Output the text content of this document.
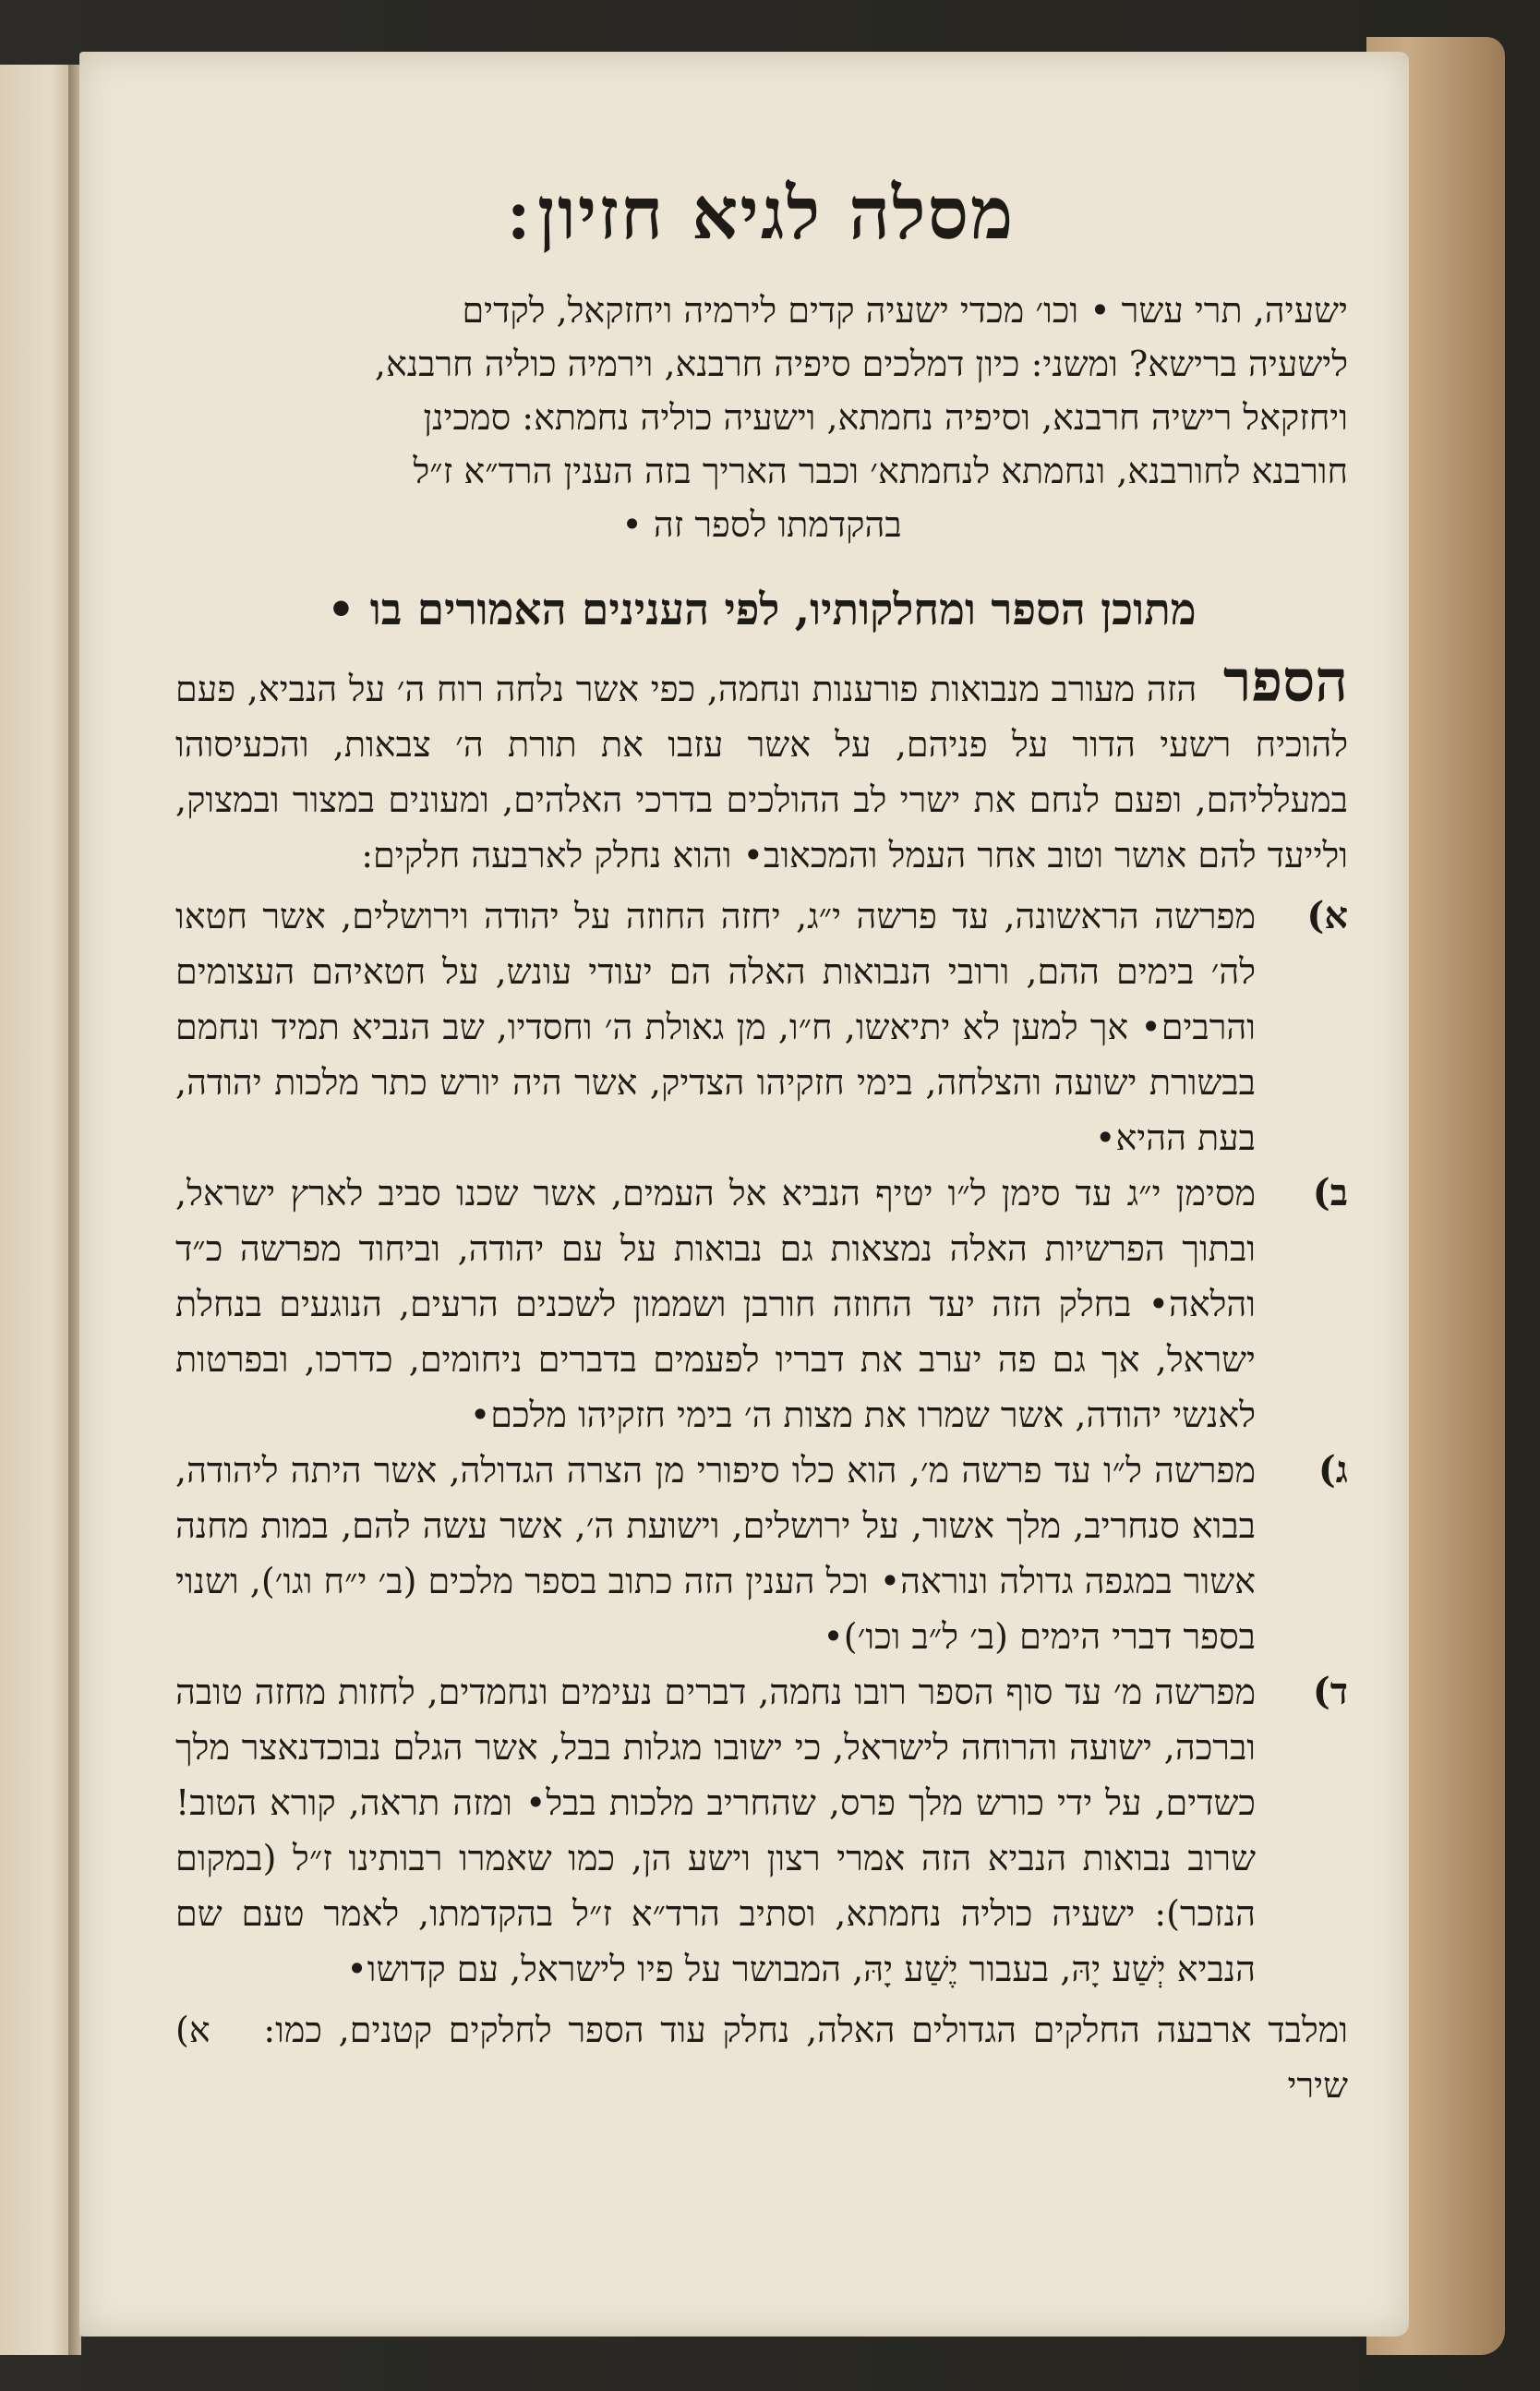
מסלה לגיא חזיון ׃

ישעיה, תרי עשר • וכו׳ מכדי ישעיה קדים לירמיה ויחזקאל, לקדים

לישעיה ברישא? ומשני: כיון דמלכים סיפיה חרבנא, וירמיה כוליה חרבנא,

ויחזקאל רישיה חרבנא, וסיפיה נחמתא, וישעיה כוליה נחמתא: סמכינן

חורבנא לחורבנא, ונחמתא לנחמתא׳ וכבר האריך בזה הענין הרד״א ז״ל

בהקדמתו לספר זה •

מתוכן הספר ומחלקותיו, לפי הענינים האמורים בו •

הספר הזה מעורב מנבואות פורענות ונחמה, כפי אשר נלחה רוח ה׳ על הנביא, פעם להוכיח רשעי הדור על פניהם, על אשר עזבו את תורת ה׳ צבאות, והכעיסוהו במעלליהם, ופעם לנחם את ישרי לב ההולכים בדרכי האלהים, ומעונים במצור ובמצוק, ולייעד להם אושר וטוב אחר העמל והמכאוב• והוא נחלק לארבעה חלקים:

א)
מפרשה הראשונה, עד פרשה י״ג, יחזה החוזה על יהודה וירושלים, אשר חטאו לה׳ בימים ההם, ורובי הנבואות האלה הם יעודי עונש, על חטאיהם העצומים והרבים• אך למען לא יתיאשו, ח״ו, מן גאולת ה׳ וחסדיו, שב הנביא תמיד ונחמם בבשורת ישועה והצלחה, בימי חזקיהו הצדיק, אשר היה יורש כתר מלכות יהודה, בעת ההיא•

ב)
מסימן י״ג עד סימן ל״ו יטיף הנביא אל העמים, אשר שכנו סביב לארץ ישראל, ובתוך הפרשיות האלה נמצאות גם נבואות על עם יהודה, וביחוד מפרשה כ״ד והלאה• בחלק הזה יעד החוזה חורבן ושממון לשכנים הרעים, הנוגעים בנחלת ישראל, אך גם פה יערב את דבריו לפעמים בדברים ניחומים, כדרכו, ובפרטות לאנשי יהודה, אשר שמרו את מצות ה׳ בימי חזקיהו מלכם•

ג)
מפרשה ל״ו עד פרשה מ׳, הוא כלו סיפורי מן הצרה הגדולה, אשר היתה ליהודה, בבוא סנחריב, מלך אשור, על ירושלים, וישועת ה׳, אשר עשה להם, במות מחנה אשור במגפה גדולה ונוראה• וכל הענין הזה כתוב בספר מלכים (ב׳ י״ח וגו׳), ושנוי בספר דברי הימים (ב׳ ל״ב וכו׳)•

ד)
מפרשה מ׳ עד סוף הספר רובו נחמה, דברים נעימים ונחמדים, לחזות מחזה טובה וברכה, ישועה והרוחה לישראל, כי ישובו מגלות בבל, אשר הגלם נבוכדנאצר מלך כשדים, על ידי כורש מלך פרס, שהחריב מלכות בבל• ומזה תראה, קורא הטוב! שרוב נבואות הנביא הזה אמרי רצון וישע הן, כמו שאמרו רבותינו ז״ל (במקום הנזכר): ישעיה כוליה נחמתא, וסתיב הרד״א ז״ל בהקדמתו, לאמר טעם שם הנביא יְשַׁע יָהּ, בעבור יֶשַׁע יָהּ, המבושר על פיו לישראל, עם קדושו•

ומלבד ארבעה החלקים הגדולים האלה, נחלק עוד הספר לחלקים קטנים, כמו: א) שירי
